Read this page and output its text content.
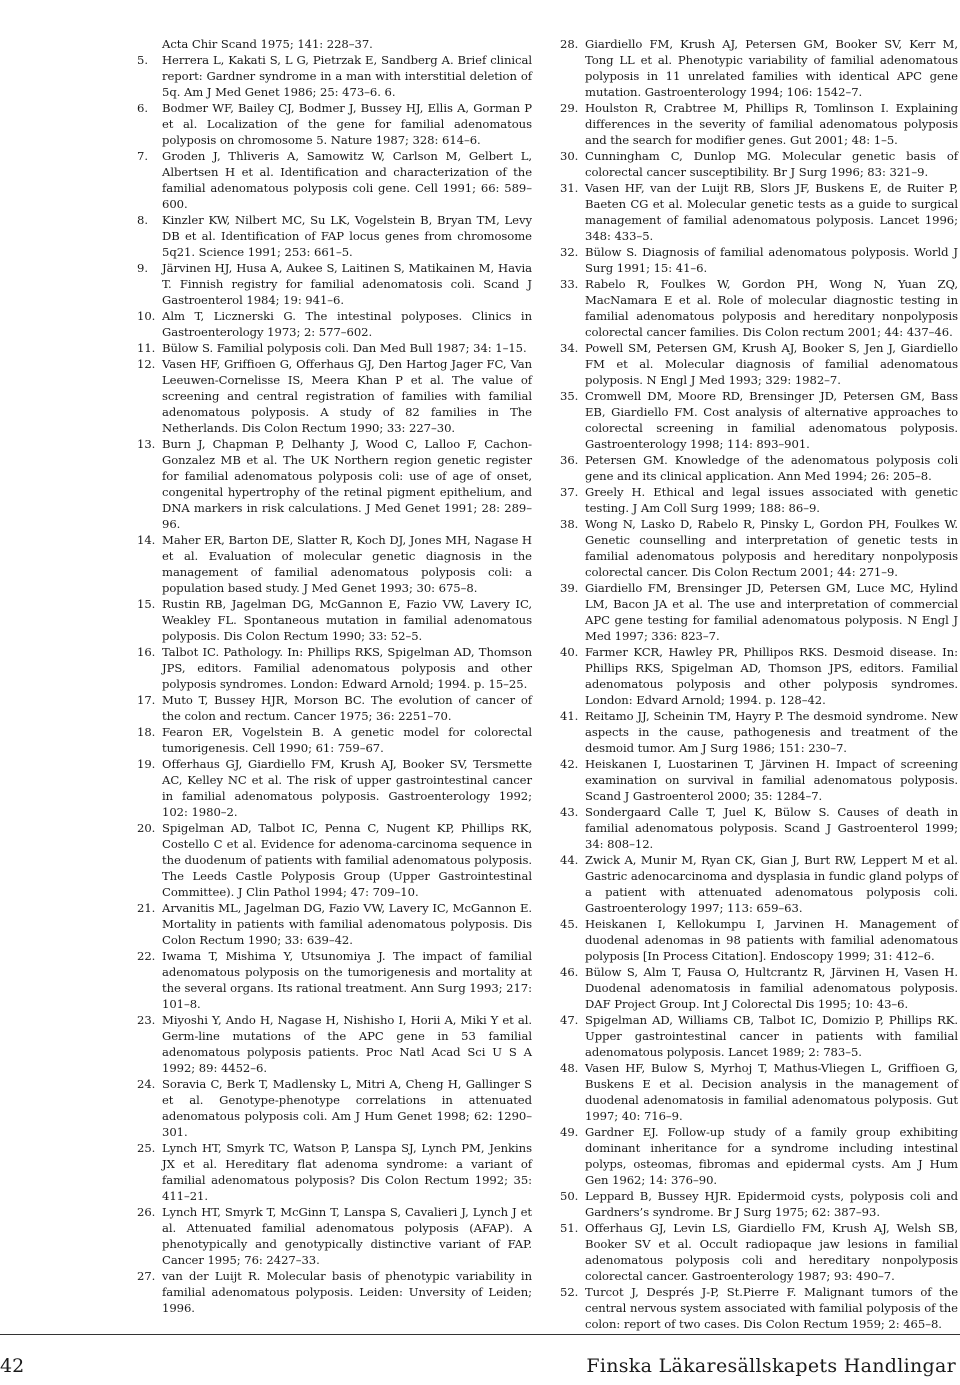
Acta Chir Scand 1975; 141: 228–37.

5. Herrera L, Kakati S, L G, Pietrzak E, Sandberg A. Brief clinical report: Gardner syndrome in a man with interstitial deletion of 5q. Am J Med Genet 1986; 25: 473–6. 6.

6. Bodmer WF, Bailey CJ, Bodmer J, Bussey HJ, Ellis A, Gorman P et al. Localization of the gene for familial adenomatous polyposis on chromosome 5. Nature 1987; 328: 614–6.

7. Groden J, Thliveris A, Samowitz W, Carlson M, Gelbert L, Albertsen H et al. Identification and characterization of the familial adenomatous polyposis coli gene. Cell 1991; 66: 589–600.

8. Kinzler KW, Nilbert MC, Su LK, Vogelstein B, Bryan TM, Levy DB et al. Identification of FAP locus genes from chromosome 5q21. Science 1991; 253: 661–5.

9. Järvinen HJ, Husa A, Aukee S, Laitinen S, Matikainen M, Havia T. Finnish registry for familial adenomatosis coli. Scand J Gastroenterol 1984; 19: 941–6.

10. Alm T, Licznerski G. The intestinal polyposes. Clinics in Gastroenterology 1973; 2: 577–602.

11. Bülow S. Familial polyposis coli. Dan Med Bull 1987; 34: 1–15.

12. Vasen HF, Griffioen G, Offerhaus GJ, Den Hartog Jager FC, Van Leeuwen-Cornelisse IS, Meera Khan P et al. The value of screening and central registration of families with familial adenomatous polyposis. A study of 82 families in The Netherlands. Dis Colon Rectum 1990; 33: 227–30.

13. Burn J, Chapman P, Delhanty J, Wood C, Lalloo F, Cachon-Gonzalez MB et al. The UK Northern region genetic register for familial adenomatous polyposis coli: use of age of onset, congenital hypertrophy of the retinal pigment epithelium, and DNA markers in risk calculations. J Med Genet 1991; 28: 289–96.

14. Maher ER, Barton DE, Slatter R, Koch DJ, Jones MH, Nagase H et al. Evaluation of molecular genetic diagnosis in the management of familial adenomatous polyposis coli: a population based study. J Med Genet 1993; 30: 675–8.

15. Rustin RB, Jagelman DG, McGannon E, Fazio VW, Lavery IC, Weakley FL. Spontaneous mutation in familial adenomatous polyposis. Dis Colon Rectum 1990; 33: 52–5.

16. Talbot IC. Pathology. In: Phillips RKS, Spigelman AD, Thomson JPS, editors. Familial adenomatous polyposis and other polyposis syndromes. London: Edward Arnold; 1994. p. 15–25.

17. Muto T, Bussey HJR, Morson BC. The evolution of cancer of the colon and rectum. Cancer 1975; 36: 2251–70.

18. Fearon ER, Vogelstein B. A genetic model for colorectal tumorigenesis. Cell 1990; 61: 759–67.

19. Offerhaus GJ, Giardiello FM, Krush AJ, Booker SV, Tersmette AC, Kelley NC et al. The risk of upper gastrointestinal cancer in familial adenomatous polyposis. Gastroenterology 1992; 102: 1980–2.

20. Spigelman AD, Talbot IC, Penna C, Nugent KP, Phillips RK, Costello C et al. Evidence for adenoma-carcinoma sequence in the duodenum of patients with familial adenomatous polyposis. The Leeds Castle Polyposis Group (Upper Gastrointestinal Committee). J Clin Pathol 1994; 47: 709–10.

21. Arvanitis ML, Jagelman DG, Fazio VW, Lavery IC, McGannon E. Mortality in patients with familial adenomatous polyposis. Dis Colon Rectum 1990; 33: 639–42.

22. Iwama T, Mishima Y, Utsunomiya J. The impact of familial adenomatous polyposis on the tumorigenesis and mortality at the several organs. Its rational treatment. Ann Surg 1993; 217: 101–8.

23. Miyoshi Y, Ando H, Nagase H, Nishisho I, Horii A, Miki Y et al. Germ-line mutations of the APC gene in 53 familial adenomatous polyposis patients. Proc Natl Acad Sci U S A 1992; 89: 4452–6.

24. Soravia C, Berk T, Madlensky L, Mitri A, Cheng H, Gallinger S et al. Genotype-phenotype correlations in attenuated adenomatous polyposis coli. Am J Hum Genet 1998; 62: 1290–301.

25. Lynch HT, Smyrk TC, Watson P, Lanspa SJ, Lynch PM, Jenkins JX et al. Hereditary flat adenoma syndrome: a variant of familial adenomatous polyposis? Dis Colon Rectum 1992; 35: 411–21.

26. Lynch HT, Smyrk T, McGinn T, Lanspa S, Cavalieri J, Lynch J et al. Attenuated familial adenomatous polyposis (AFAP). A phenotypically and genotypically distinctive variant of FAP. Cancer 1995; 76: 2427–33.

27. van der Luijt R. Molecular basis of phenotypic variability in familial adenomatous polyposis. Leiden: Unversity of Leiden; 1996.

28. Giardiello FM, Krush AJ, Petersen GM, Booker SV, Kerr M, Tong LL et al. Phenotypic variability of familial adenomatous polyposis in 11 unrelated families with identical APC gene mutation. Gastroenterology 1994; 106: 1542–7.

29. Houlston R, Crabtree M, Phillips R, Tomlinson I. Explaining differences in the severity of familial adenomatous polyposis and the search for modifier genes. Gut 2001; 48: 1–5.

30. Cunningham C, Dunlop MG. Molecular genetic basis of colorectal cancer susceptibility. Br J Surg 1996; 83: 321–9.

31. Vasen HF, van der Luijt RB, Slors JF, Buskens E, de Ruiter P, Baeten CG et al. Molecular genetic tests as a guide to surgical management of familial adenomatous polyposis. Lancet 1996; 348: 433–5.

32. Bülow S. Diagnosis of familial adenomatous polyposis. World J Surg 1991; 15: 41–6.

33. Rabelo R, Foulkes W, Gordon PH, Wong N, Yuan ZQ, MacNamara E et al. Role of molecular diagnostic testing in familial adenomatous polyposis and hereditary nonpolyposis colorectal cancer families. Dis Colon rectum 2001; 44: 437–46.

34. Powell SM, Petersen GM, Krush AJ, Booker S, Jen J, Giardiello FM et al. Molecular diagnosis of familial adenomatous polyposis. N Engl J Med 1993; 329: 1982–7.

35. Cromwell DM, Moore RD, Brensinger JD, Petersen GM, Bass EB, Giardiello FM. Cost analysis of alternative approaches to colorectal screening in familial adenomatous polyposis. Gastroenterology 1998; 114: 893–901.

36. Petersen GM. Knowledge of the adenomatous polyposis coli gene and its clinical application. Ann Med 1994; 26: 205–8.

37. Greely H. Ethical and legal issues associated with genetic testing. J Am Coll Surg 1999; 188: 86–9.

38. Wong N, Lasko D, Rabelo R, Pinsky L, Gordon PH, Foulkes W. Genetic counselling and interpretation of genetic tests in familial adenomatous polyposis and hereditary nonpolyposis colorectal cancer. Dis Colon Rectum 2001; 44: 271–9.

39. Giardiello FM, Brensinger JD, Petersen GM, Luce MC, Hylind LM, Bacon JA et al. The use and interpretation of commercial APC gene testing for familial adenomatous polyposis. N Engl J Med 1997; 336: 823–7.

40. Farmer KCR, Hawley PR, Phillipos RKS. Desmoid disease. In: Phillips RKS, Spigelman AD, Thomson JPS, editors. Familial adenomatous polyposis and other polyposis syndromes. London: Edvard Arnold; 1994. p. 128–42.

41. Reitamo JJ, Scheinin TM, Hayry P. The desmoid syndrome. New aspects in the cause, pathogenesis and treatment of the desmoid tumor. Am J Surg 1986; 151: 230–7.

42. Heiskanen I, Luostarinen T, Järvinen H. Impact of screening examination on survival in familial adenomatous polyposis. Scand J Gastroenterol 2000; 35: 1284–7.

43. Sondergaard Calle T, Juel K, Bülow S. Causes of death in familial adenomatous polyposis. Scand J Gastroenterol 1999; 34: 808–12.

44. Zwick A, Munir M, Ryan CK, Gian J, Burt RW, Leppert M et al. Gastric adenocarcinoma and dysplasia in fundic gland polyps of a patient with attenuated adenomatous polyposis coli. Gastroenterology 1997; 113: 659–63.

45. Heiskanen I, Kellokumpu I, Jarvinen H. Management of duodenal adenomas in 98 patients with familial adenomatous polyposis [In Process Citation]. Endoscopy 1999; 31: 412–6.

46. Bülow S, Alm T, Fausa O, Hultcrantz R, Järvinen H, Vasen H. Duodenal adenomatosis in familial adenomatous polyposis. DAF Project Group. Int J Colorectal Dis 1995; 10: 43–6.

47. Spigelman AD, Williams CB, Talbot IC, Domizio P, Phillips RK. Upper gastrointestinal cancer in patients with familial adenomatous polyposis. Lancet 1989; 2: 783–5.

48. Vasen HF, Bulow S, Myrhoj T, Mathus-Vliegen L, Griffioen G, Buskens E et al. Decision analysis in the management of duodenal adenomatosis in familial adenomatous polyposis. Gut 1997; 40: 716–9.

49. Gardner EJ. Follow-up study of a family group exhibiting dominant inheritance for a syndrome including intestinal polyps, osteomas, fibromas and epidermal cysts. Am J Hum Gen 1962; 14: 376–90.

50. Leppard B, Bussey HJR. Epidermoid cysts, polyposis coli and Gardners’s syndrome. Br J Surg 1975; 62: 387–93.

51. Offerhaus GJ, Levin LS, Giardiello FM, Krush AJ, Welsh SB, Booker SV et al. Occult radiopaque jaw lesions in familial adenomatous polyposis coli and hereditary nonpolyposis colorectal cancer. Gastroenterology 1987; 93: 490–7.

52. Turcot J, Després J-P, St.Pierre F. Malignant tumors of the central nervous system associated with familial polyposis of the colon: report of two cases. Dis Colon Rectum 1959; 2: 465–8.

42	Finska Läkaresällskapets Handlingar
